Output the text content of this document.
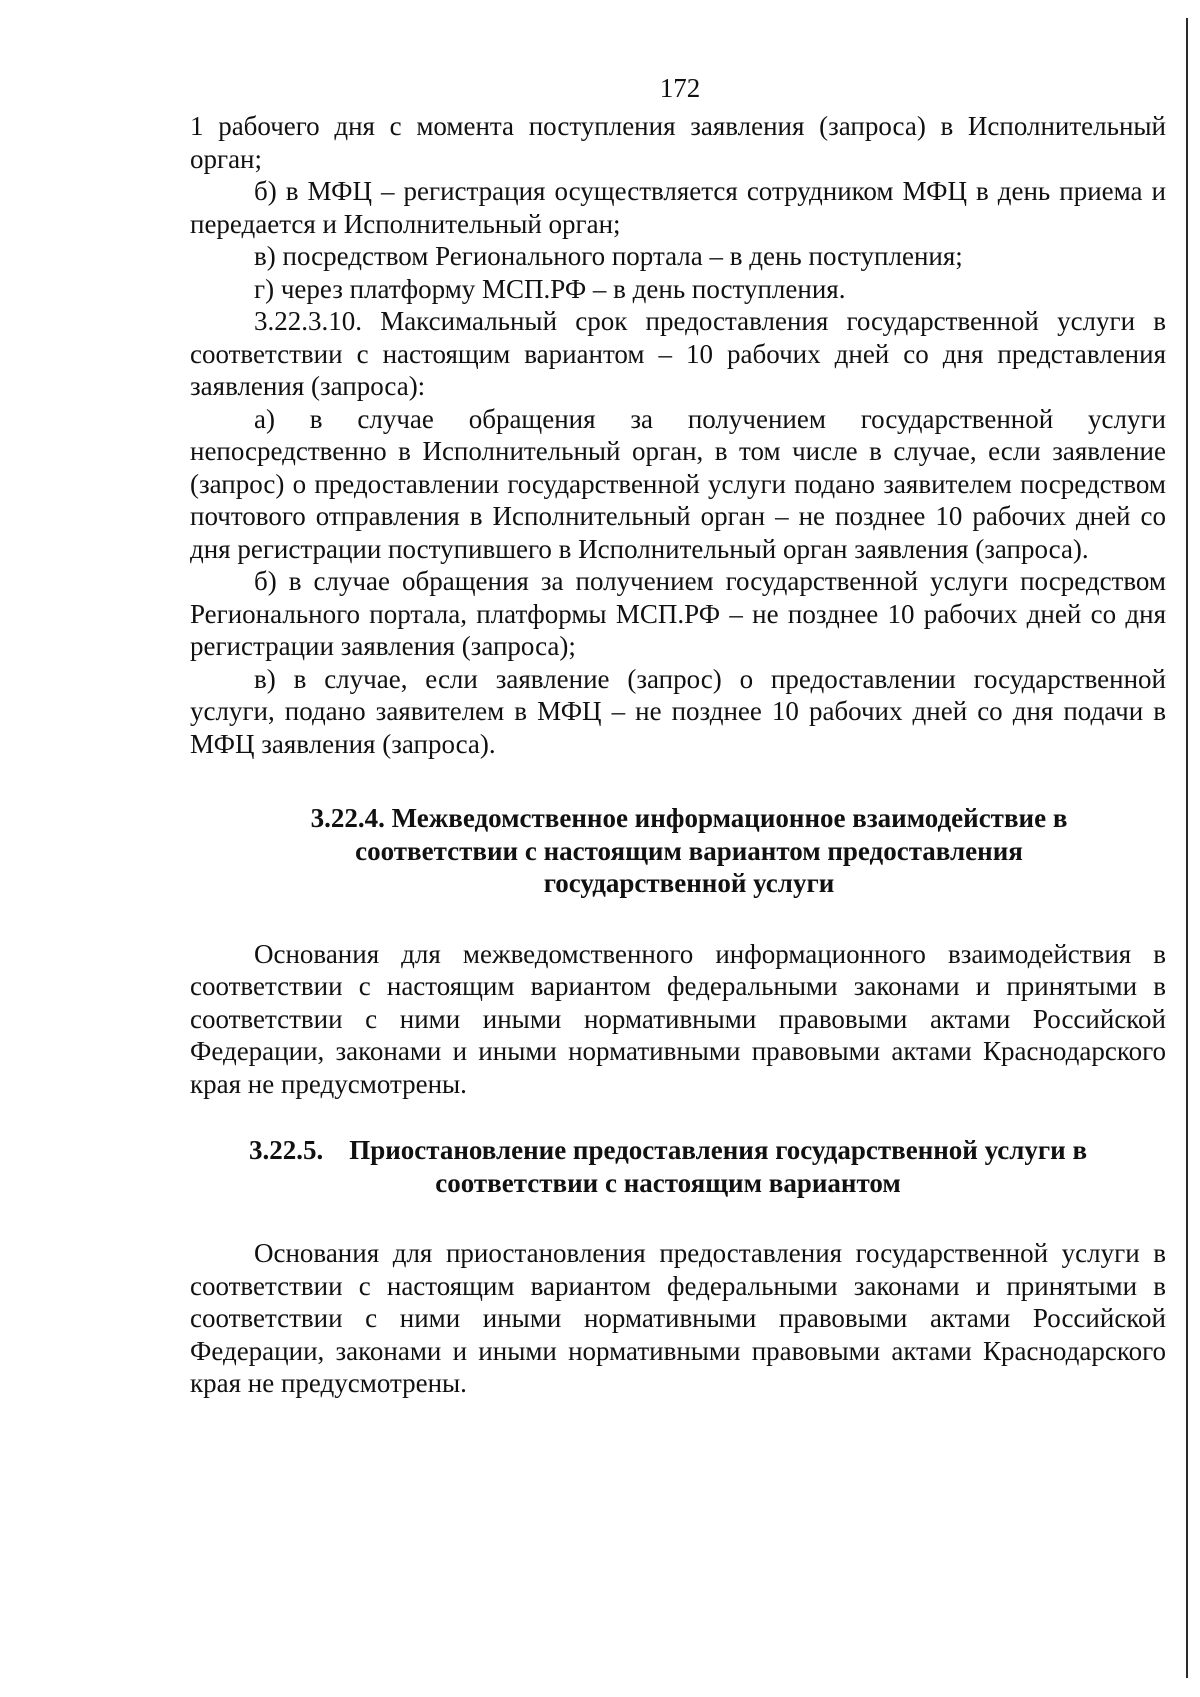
172

1 рабочего дня с момента поступления заявления (запроса) в Исполнительный орган;

б) в МФЦ – регистрация осуществляется сотрудником МФЦ в день приема и передается и Исполнительный орган;

в) посредством Регионального портала – в день поступления;

г) через платформу МСП.РФ – в день поступления.

3.22.3.10. Максимальный срок предоставления государственной услуги в соответствии с настоящим вариантом – 10 рабочих дней со дня представления заявления (запроса):

а) в случае обращения за получением государственной услуги непосредственно в Исполнительный орган, в том числе в случае, если заявление (запрос) о предоставлении государственной услуги подано заявителем посредством почтового отправления в Исполнительный орган – не позднее 10 рабочих дней со дня регистрации поступившего в Исполнительный орган заявления (запроса).

б) в случае обращения за получением государственной услуги посредством Регионального портала, платформы МСП.РФ – не позднее 10 рабочих дней со дня регистрации заявления (запроса);

в) в случае, если заявление (запрос) о предоставлении государственной услуги, подано заявителем в МФЦ – не позднее 10 рабочих дней со дня подачи в МФЦ заявления (запроса).

3.22.4. Межведомственное информационное взаимодействие в соответствии с настоящим вариантом предоставления государственной услуги

Основания для межведомственного информационного взаимодействия в соответствии с настоящим вариантом федеральными законами и принятыми в соответствии с ними иными нормативными правовыми актами Российской Федерации, законами и иными нормативными правовыми актами Краснодарского края не предусмотрены.

3.22.5. Приостановление предоставления государственной услуги в соответствии с настоящим вариантом

Основания для приостановления предоставления государственной услуги в соответствии с настоящим вариантом федеральными законами и принятыми в соответствии с ними иными нормативными правовыми актами Российской Федерации, законами и иными нормативными правовыми актами Краснодарского края не предусмотрены.
